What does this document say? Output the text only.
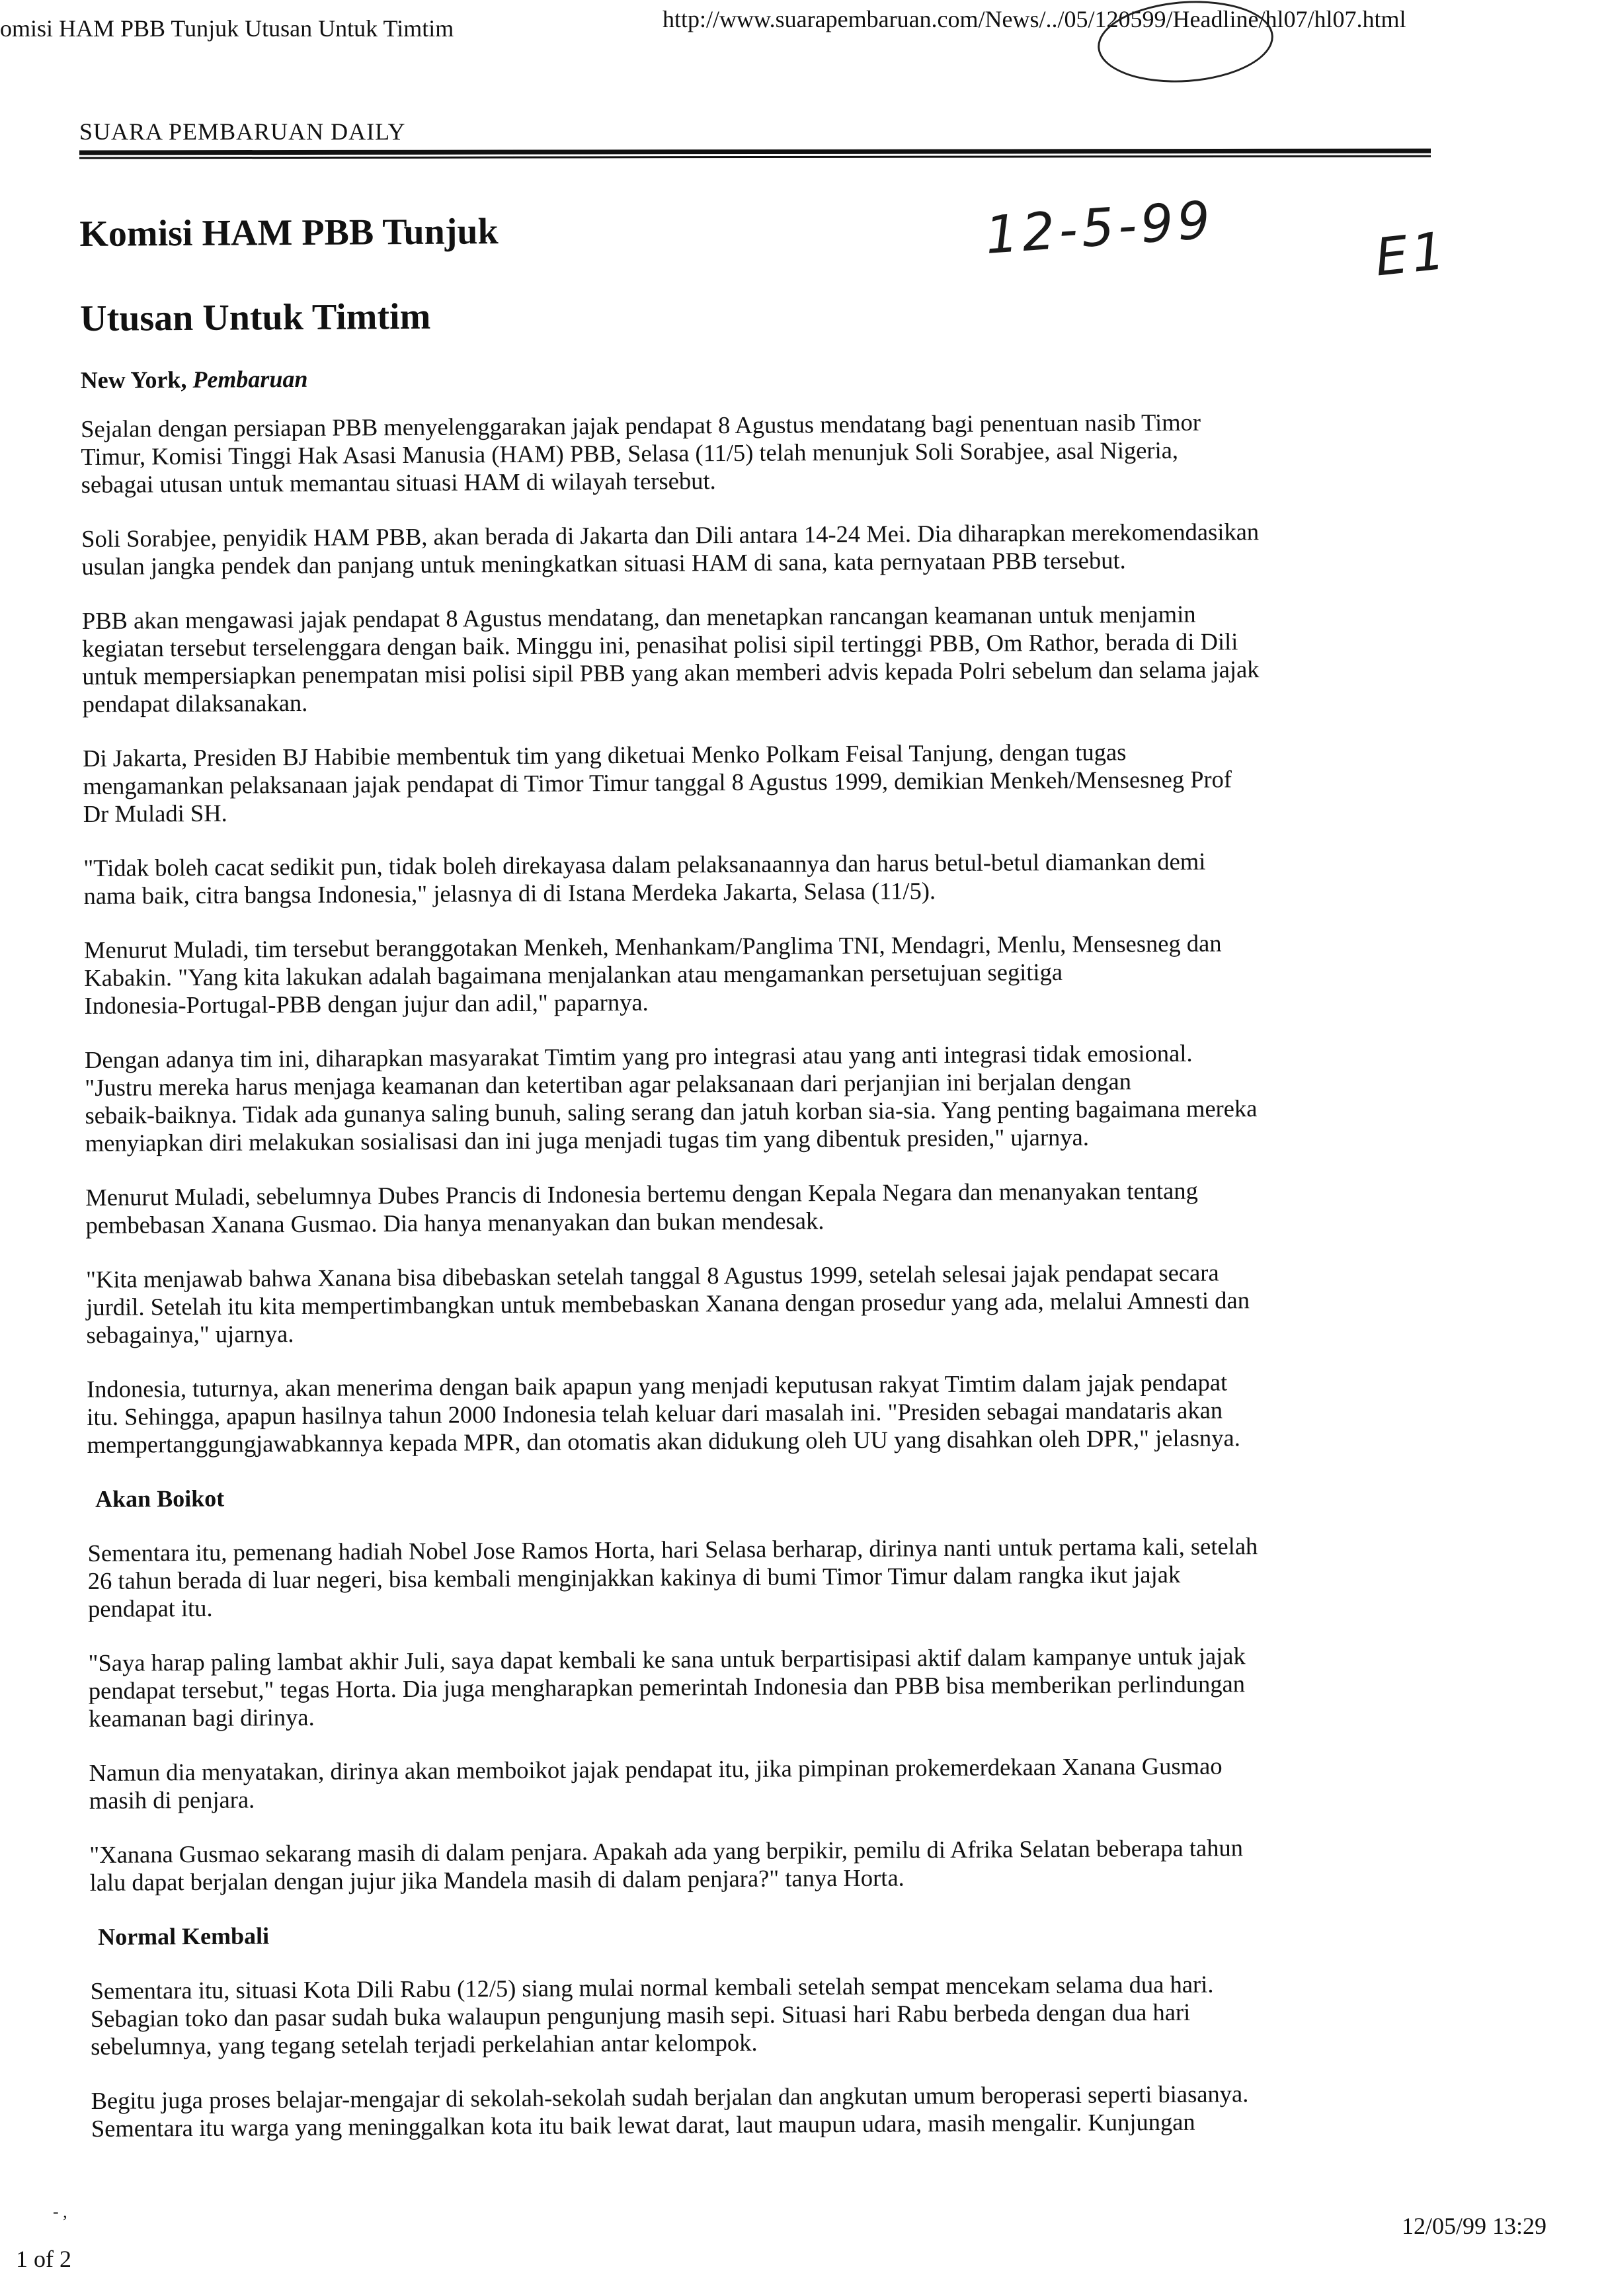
omisi HAM PBB Tunjuk Utusan Untuk Timtim	http://www.suarapembaruan.com/News/../05/120599/Headline/hl07/hl07.html
SUARA PEMBARUAN DAILY
12-5-99	E1
Komisi HAM PBB Tunjuk
Utusan Untuk Timtim
New York, Pembaruan

Sejalan dengan persiapan PBB menyelenggarakan jajak pendapat 8 Agustus mendatang bagi penentuan nasib Timor
Timur, Komisi Tinggi Hak Asasi Manusia (HAM) PBB, Selasa (11/5) telah menunjuk Soli Sorabjee, asal Nigeria,
sebagai utusan untuk memantau situasi HAM di wilayah tersebut.

Soli Sorabjee, penyidik HAM PBB, akan berada di Jakarta dan Dili antara 14-24 Mei. Dia diharapkan merekomendasikan
usulan jangka pendek dan panjang untuk meningkatkan situasi HAM di sana, kata pernyataan PBB tersebut.

PBB akan mengawasi jajak pendapat 8 Agustus mendatang, dan menetapkan rancangan keamanan untuk menjamin
kegiatan tersebut terselenggara dengan baik. Minggu ini, penasihat polisi sipil tertinggi PBB, Om Rathor, berada di Dili
untuk mempersiapkan penempatan misi polisi sipil PBB yang akan memberi advis kepada Polri sebelum dan selama jajak
pendapat dilaksanakan.

Di Jakarta, Presiden BJ Habibie membentuk tim yang diketuai Menko Polkam Feisal Tanjung, dengan tugas
mengamankan pelaksanaan jajak pendapat di Timor Timur tanggal 8 Agustus 1999, demikian Menkeh/Mensesneg Prof
Dr Muladi SH.

"Tidak boleh cacat sedikit pun, tidak boleh direkayasa dalam pelaksanaannya dan harus betul-betul diamankan demi
nama baik, citra bangsa Indonesia," jelasnya di di Istana Merdeka Jakarta, Selasa (11/5).

Menurut Muladi, tim tersebut beranggotakan Menkeh, Menhankam/Panglima TNI, Mendagri, Menlu, Mensesneg dan
Kabakin. "Yang kita lakukan adalah bagaimana menjalankan atau mengamankan persetujuan segitiga
Indonesia-Portugal-PBB dengan jujur dan adil," paparnya.

Dengan adanya tim ini, diharapkan masyarakat Timtim yang pro integrasi atau yang anti integrasi tidak emosional.
"Justru mereka harus menjaga keamanan dan ketertiban agar pelaksanaan dari perjanjian ini berjalan dengan
sebaik-baiknya. Tidak ada gunanya saling bunuh, saling serang dan jatuh korban sia-sia. Yang penting bagaimana mereka
menyiapkan diri melakukan sosialisasi dan ini juga menjadi tugas tim yang dibentuk presiden," ujarnya.

Menurut Muladi, sebelumnya Dubes Prancis di Indonesia bertemu dengan Kepala Negara dan menanyakan tentang
pembebasan Xanana Gusmao. Dia hanya menanyakan dan bukan mendesak.

"Kita menjawab bahwa Xanana bisa dibebaskan setelah tanggal 8 Agustus 1999, setelah selesai jajak pendapat secara
jurdil. Setelah itu kita mempertimbangkan untuk membebaskan Xanana dengan prosedur yang ada, melalui Amnesti dan
sebagainya," ujarnya.

Indonesia, tuturnya, akan menerima dengan baik apapun yang menjadi keputusan rakyat Timtim dalam jajak pendapat
itu. Sehingga, apapun hasilnya tahun 2000 Indonesia telah keluar dari masalah ini. "Presiden sebagai mandataris akan
mempertanggungjawabkannya kepada MPR, dan otomatis akan didukung oleh UU yang disahkan oleh DPR," jelasnya.

Akan Boikot

Sementara itu, pemenang hadiah Nobel Jose Ramos Horta, hari Selasa berharap, dirinya nanti untuk pertama kali, setelah
26 tahun berada di luar negeri, bisa kembali menginjakkan kakinya di bumi Timor Timur dalam rangka ikut jajak
pendapat itu.

"Saya harap paling lambat akhir Juli, saya dapat kembali ke sana untuk berpartisipasi aktif dalam kampanye untuk jajak
pendapat tersebut," tegas Horta. Dia juga mengharapkan pemerintah Indonesia dan PBB bisa memberikan perlindungan
keamanan bagi dirinya.

Namun dia menyatakan, dirinya akan memboikot jajak pendapat itu, jika pimpinan prokemerdekaan Xanana Gusmao
masih di penjara.

"Xanana Gusmao sekarang masih di dalam penjara. Apakah ada yang berpikir, pemilu di Afrika Selatan beberapa tahun
lalu dapat berjalan dengan jujur jika Mandela masih di dalam penjara?" tanya Horta.

Normal Kembali

Sementara itu, situasi Kota Dili Rabu (12/5) siang mulai normal kembali setelah sempat mencekam selama dua hari.
Sebagian toko dan pasar sudah buka walaupun pengunjung masih sepi. Situasi hari Rabu berbeda dengan dua hari
sebelumnya, yang tegang setelah terjadi perkelahian antar kelompok.

Begitu juga proses belajar-mengajar di sekolah-sekolah sudah berjalan dan angkutan umum beroperasi seperti biasanya.
Sementara itu warga yang meninggalkan kota itu baik lewat darat, laut maupun udara, masih mengalir. Kunjungan

- ,
1 of 2
12/05/99 13:29
